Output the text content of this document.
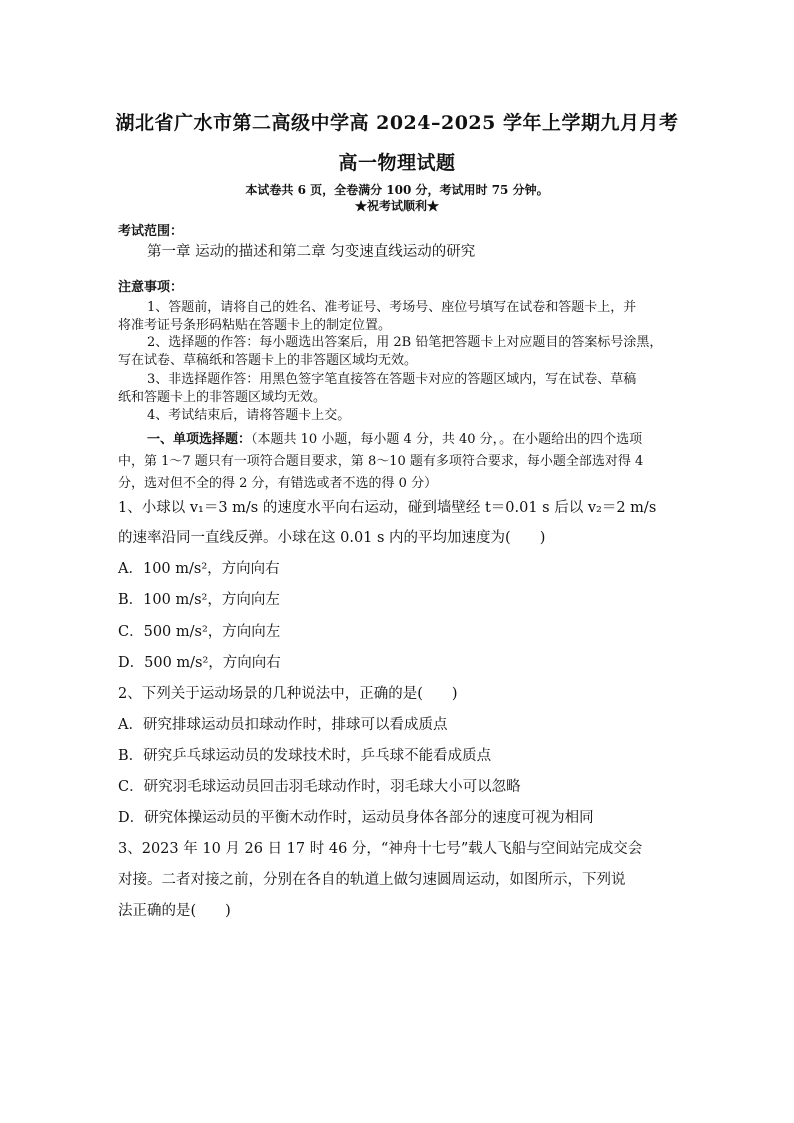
湖北省广水市第二高级中学高 2024–2025 学年上学期九月月考
高一物理试题
本试卷共 6 页，全卷满分 100 分，考试用时 75 分钟。
★祝考试顺利★
考试范围：
第一章 运动的描述和第二章 匀变速直线运动的研究
注意事项：
1、答题前，请将自己的姓名、准考证号、考场号、座位号填写在试卷和答题卡上，并
将准考证号条形码粘贴在答题卡上的制定位置。
2、选择题的作答：每小题选出答案后，用 2B 铅笔把答题卡上对应题目的答案标号涂黑，
写在试卷、草稿纸和答题卡上的非答题区域均无效。
3、非选择题作答：用黑色签字笔直接答在答题卡对应的答题区域内，写在试卷、草稿
纸和答题卡上的非答题区域均无效。
4、考试结束后，请将答题卡上交。
一、单项选择题：（本题共 10 小题，每小题 4 分，共 40 分，。在小题给出的四个选项
中，第 1～7 题只有一项符合题目要求，第 8～10 题有多项符合要求，每小题全部选对得 4
分，选对但不全的得 2 分，有错选或者不选的得 0 分）
1、小球以 v₁＝3 m/s 的速度水平向右运动，碰到墙壁经 t＝0.01 s 后以 v₂＝2 m/s
的速率沿同一直线反弹。小球在这 0.01 s 内的平均加速度为(　　)
A．100 m/s²，方向向右
B．100 m/s²，方向向左
C．500 m/s²，方向向左
D．500 m/s²，方向向右
2、下列关于运动场景的几种说法中，正确的是(　　)
A．研究排球运动员扣球动作时，排球可以看成质点
B．研究乒乓球运动员的发球技术时，乒乓球不能看成质点
C．研究羽毛球运动员回击羽毛球动作时，羽毛球大小可以忽略
D．研究体操运动员的平衡木动作时，运动员身体各部分的速度可视为相同
3、2023 年 10 月 26 日 17 时 46 分，“神舟十七号”载人飞船与空间站完成交会
对接。二者对接之前，分别在各自的轨道上做匀速圆周运动，如图所示，下列说
法正确的是(　　)
